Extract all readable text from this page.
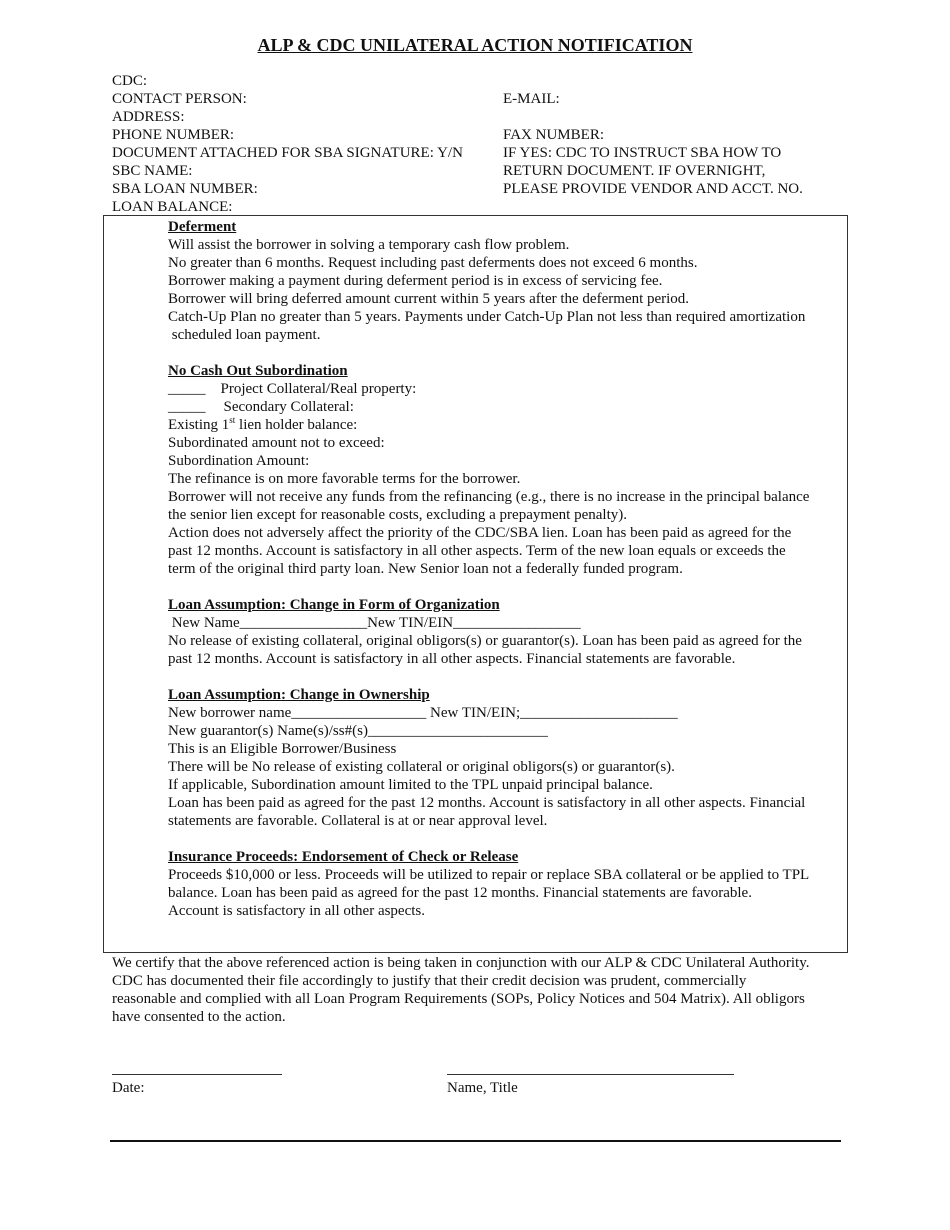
ALP & CDC UNILATERAL ACTION NOTIFICATION
CDC:
CONTACT PERSON:	E-MAIL:
ADDRESS:
PHONE NUMBER:	FAX NUMBER:
DOCUMENT ATTACHED FOR SBA SIGNATURE: Y/N	IF YES: CDC TO INSTRUCT SBA HOW TO
SBC NAME:	RETURN DOCUMENT. IF OVERNIGHT,
SBA LOAN NUMBER:	PLEASE PROVIDE VENDOR AND ACCT. NO.
LOAN BALANCE:
Deferment
Will assist the borrower in solving a temporary cash flow problem.
No greater than 6 months. Request including past deferments does not exceed 6 months.
Borrower making a payment during deferment period is in excess of servicing fee.
Borrower will bring deferred amount current within 5 years after the deferment period.
Catch-Up Plan no greater than 5 years. Payments under Catch-Up Plan not less than required amortization
scheduled loan payment.
No Cash Out Subordination
_____ Project Collateral/Real property:
_____ Secondary Collateral:
Existing 1st lien holder balance:
Subordinated amount not to exceed:
Subordination Amount:
The refinance is on more favorable terms for the borrower.
Borrower will not receive any funds from the refinancing (e.g., there is no increase in the principal balance
the senior lien except for reasonable costs, excluding a prepayment penalty).
Action does not adversely affect the priority of the CDC/SBA lien. Loan has been paid as agreed for the
past 12 months. Account is satisfactory in all other aspects. Term of the new loan equals or exceeds the
term of the original third party loan. New Senior loan not a federally funded program.
Loan Assumption: Change in Form of Organization
New Name_________________New TIN/EIN_________________
No release of existing collateral, original obligors(s) or guarantor(s). Loan has been paid as agreed for the
past 12 months. Account is satisfactory in all other aspects. Financial statements are favorable.
Loan Assumption: Change in Ownership
New borrower name__________________ New TIN/EIN;_____________________
New guarantor(s) Name(s)/ss#(s)________________________
This is an Eligible Borrower/Business
There will be No release of existing collateral or original obligors(s) or guarantor(s).
If applicable, Subordination amount limited to the TPL unpaid principal balance.
Loan has been paid as agreed for the past 12 months. Account is satisfactory in all other aspects. Financial
statements are favorable. Collateral is at or near approval level.
Insurance Proceeds: Endorsement of Check or Release
Proceeds $10,000 or less. Proceeds will be utilized to repair or replace SBA collateral or be applied to TPL
balance. Loan has been paid as agreed for the past 12 months. Financial statements are favorable.
Account is satisfactory in all other aspects.
We certify that the above referenced action is being taken in conjunction with our ALP & CDC Unilateral Authority.
CDC has documented their file accordingly to justify that their credit decision was prudent, commercially
reasonable and complied with all Loan Program Requirements (SOPs, Policy Notices and 504 Matrix). All obligors
have consented to the action.
Date:	Name, Title
